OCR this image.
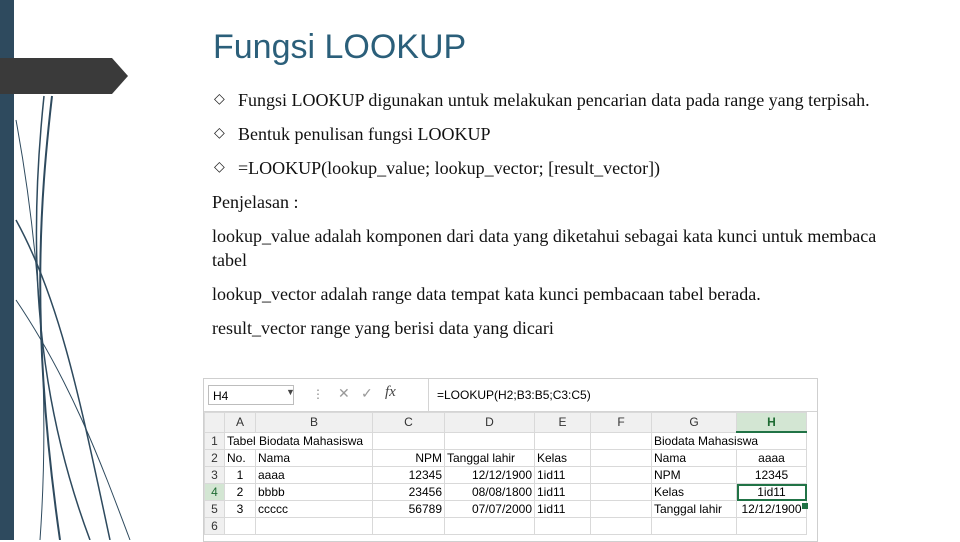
Fungsi LOOKUP
◇ Fungsi LOOKUP digunakan untuk melakukan pencarian data pada range yang terpisah.
◇ Bentuk penulisan fungsi LOOKUP
◇ =LOOKUP(lookup_value; lookup_vector; [result_vector])
Penjelasan :
lookup_value adalah komponen dari data yang diketahui sebagai kata kunci untuk membaca tabel
lookup_vector adalah range data tempat kata kunci pembacaan tabel berada.
result_vector range yang berisi data yang dicari
H4	▼ ⋮ ✕ ✓ fx	=LOOKUP(H2;B3:B5;C3:C5)
	A	B	C	D	E	F	G	H
1	Tabel Biodata Mahasiswa						Biodata Mahasiswa	
2	No.	Nama	NPM	Tanggal lahir	Kelas		Nama	aaaa
3	1	aaaa	12345	12/12/1900	1id11		NPM	12345
4	2	bbbb	23456	08/08/1800	1id11		Kelas	1id11
5	3	ccccc	56789	07/07/2000	1id11		Tanggal lahir	12/12/1900
6								
